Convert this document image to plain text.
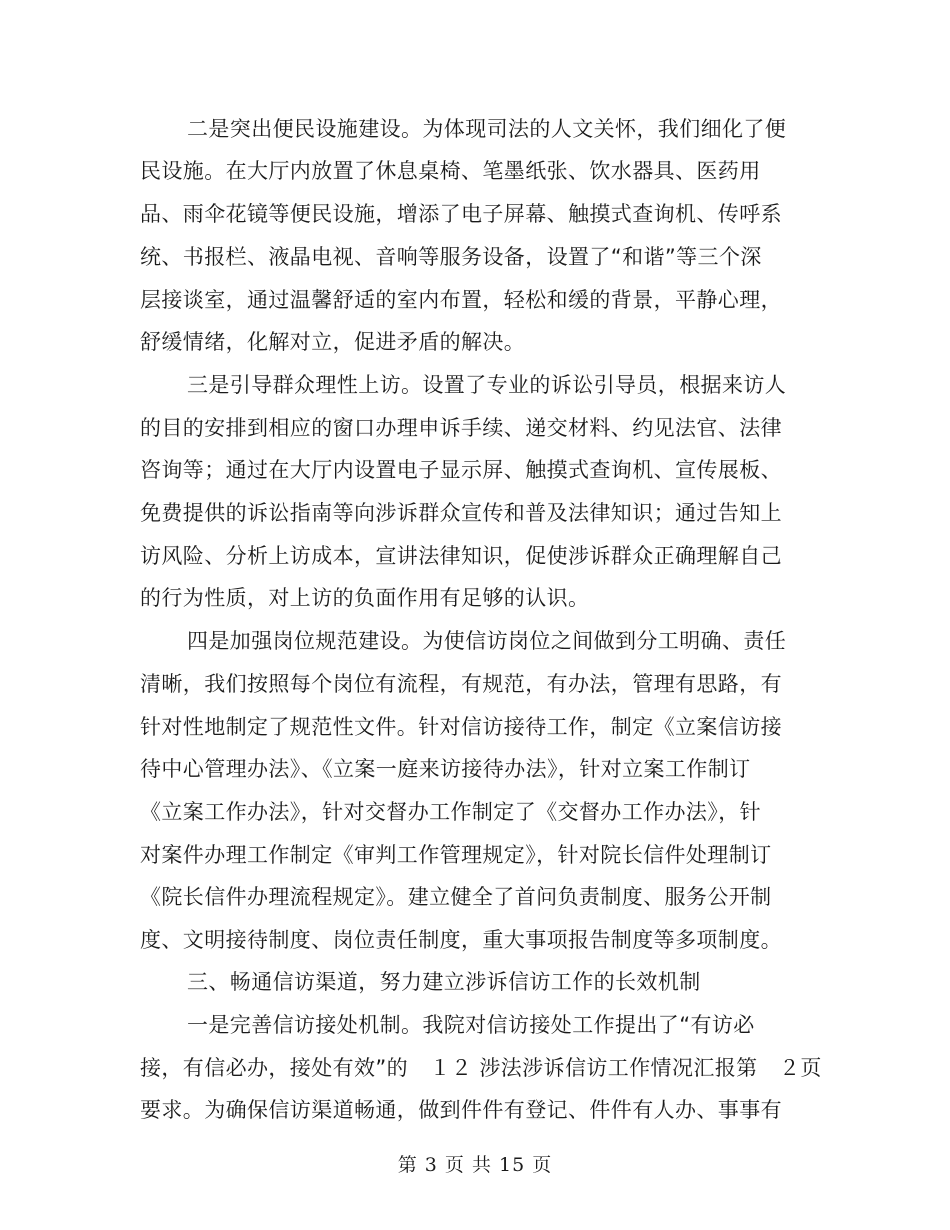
二是突出便民设施建设。为体现司法的人文关怀，我们细化了便
民设施。在大厅内放置了休息桌椅、笔墨纸张、饮水器具、医药用
品、雨伞花镜等便民设施，增添了电子屏幕、触摸式查询机、传呼系
统、书报栏、液晶电视、音响等服务设备，设置了“和谐”等三个深
层接谈室，通过温馨舒适的室内布置，轻松和缓的背景，平静心理，
舒缓情绪，化解对立，促进矛盾的解决。
三是引导群众理性上访。设置了专业的诉讼引导员，根据来访人
的目的安排到相应的窗口办理申诉手续、递交材料、约见法官、法律
咨询等；通过在大厅内设置电子显示屏、触摸式查询机、宣传展板、
免费提供的诉讼指南等向涉诉群众宣传和普及法律知识；通过告知上
访风险、分析上访成本，宣讲法律知识，促使涉诉群众正确理解自己
的行为性质，对上访的负面作用有足够的认识。
四是加强岗位规范建设。为使信访岗位之间做到分工明确、责任
清晰，我们按照每个岗位有流程，有规范，有办法，管理有思路，有
针对性地制定了规范性文件。针对信访接待工作，制定《立案信访接
待中心管理办法》、《立案一庭来访接待办法》，针对立案工作制订
《立案工作办法》，针对交督办工作制定了《交督办工作办法》，针
对案件办理工作制定《审判工作管理规定》，针对院长信件处理制订
《院长信件办理流程规定》。建立健全了首问负责制度、服务公开制
度、文明接待制度、岗位责任制度，重大事项报告制度等多项制度。
三、畅通信访渠道，努力建立涉诉信访工作的长效机制
一是完善信访接处机制。我院对信访接处工作提出了“有访必
接，有信必办，接处有效”的　１２ 涉法涉诉信访工作情况汇报第　２页
要求。为确保信访渠道畅通，做到件件有登记、件件有人办、事事有
第 3 页 共 15 页
